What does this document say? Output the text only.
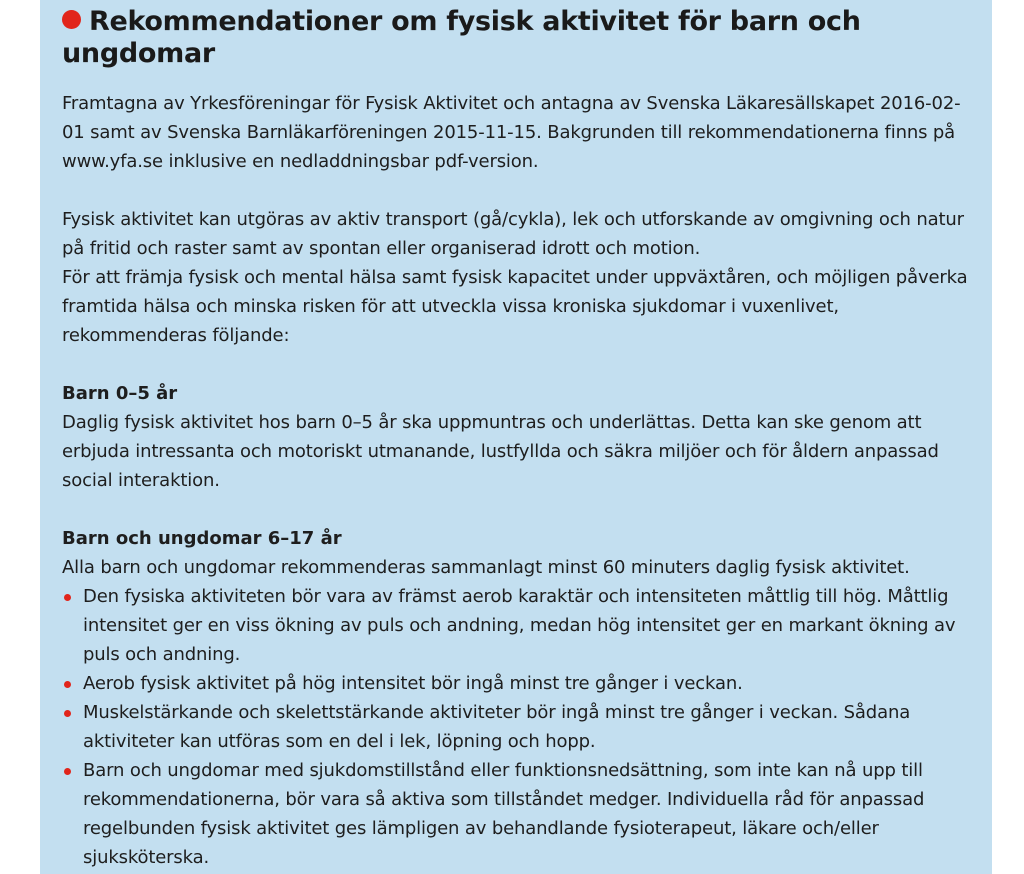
Rekommendationer om fysisk aktivitet för barn och ungdomar

Framtagna av Yrkesföreningar för Fysisk Aktivitet och antagna av Svenska Läkaresällskapet 2016-02-01 samt av Svenska Barnläkarföreningen 2015-11-15. Bakgrunden till rekommendationerna finns på www.yfa.se inklusive en nedladdningsbar pdf-version.

Fysisk aktivitet kan utgöras av aktiv transport (gå/cykla), lek och utforskande av omgivning och natur på fritid och raster samt av spontan eller organiserad idrott och motion.

För att främja fysisk och mental hälsa samt fysisk kapacitet under uppväxtåren, och möjligen påverka framtida hälsa och minska risken för att utveckla vissa kroniska sjukdomar i vuxenlivet, rekommenderas följande:

Barn 0–5 år

Daglig fysisk aktivitet hos barn 0–5 år ska uppmuntras och underlättas. Detta kan ske genom att erbjuda intressanta och motoriskt utmanande, lustfyllda och säkra miljöer och för åldern anpassad social interaktion.

Barn och ungdomar 6–17 år

Alla barn och ungdomar rekommenderas sammanlagt minst 60 minuters daglig fysisk aktivitet.

Den fysiska aktiviteten bör vara av främst aerob karaktär och intensiteten måttlig till hög. Måttlig intensitet ger en viss ökning av puls och andning, medan hög intensitet ger en markant ökning av puls och andning.
Aerob fysisk aktivitet på hög intensitet bör ingå minst tre gånger i veckan.
Muskelstärkande och skelettstärkande aktiviteter bör ingå minst tre gånger i veckan. Sådana aktiviteter kan utföras som en del i lek, löpning och hopp.
Barn och ungdomar med sjukdomstillstånd eller funktionsnedsättning, som inte kan nå upp till rekommendationerna, bör vara så aktiva som tillståndet medger. Individuella råd för anpassad regelbunden fysisk aktivitet ges lämpligen av behandlande fysioterapeut, läkare och/eller sjuksköterska.
